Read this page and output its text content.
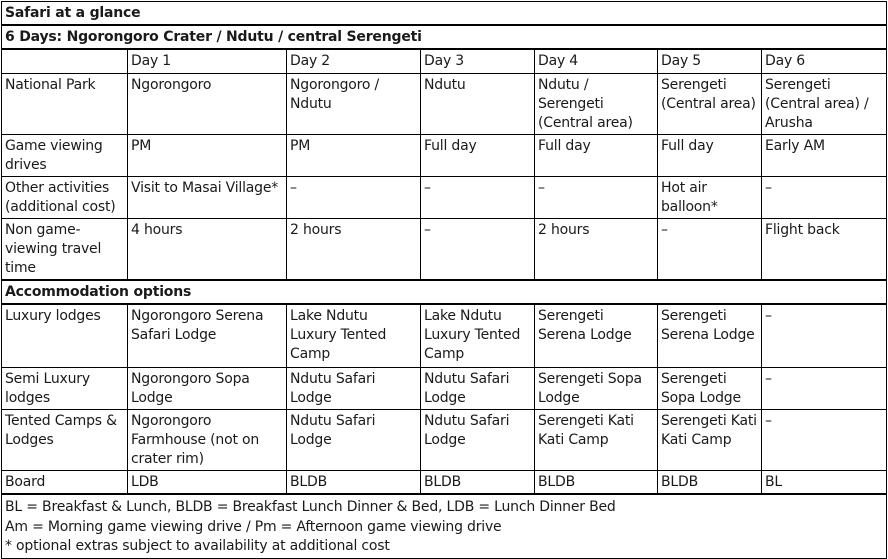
Safari at a glance						
6 Days: Ngorongoro Crater / Ndutu / central Serengeti						
	Day 1	Day 2	Day 3	Day 4	Day 5	Day 6
National Park	Ngorongoro	Ngorongoro / Ndutu	Ndutu	Ndutu / Serengeti (Central area)	Serengeti (Central area)	Serengeti (Central area) / Arusha
Game viewing drives	PM	PM	Full day	Full day	Full day	Early AM
Other activities (additional cost)	Visit to Masai Village*	–	–	–	Hot air balloon*	–
Non game-viewing travel time	4 hours	2 hours	–	2 hours	–	Flight back
Accommodation options						
Luxury lodges	Ngorongoro Serena Safari Lodge	Lake Ndutu Luxury Tented Camp	Lake Ndutu Luxury Tented Camp	Serengeti Serena Lodge	Serengeti Serena Lodge	–
Semi Luxury lodges	Ngorongoro Sopa Lodge	Ndutu Safari Lodge	Ndutu Safari Lodge	Serengeti Sopa Lodge	Serengeti Sopa Lodge	–
Tented Camps & Lodges	Ngorongoro Farmhouse (not on crater rim)	Ndutu Safari Lodge	Ndutu Safari Lodge	Serengeti Kati Kati Camp	Serengeti Kati Kati Camp	–
Board	LDB	BLDB	BLDB	BLDB	BLDB	BL

BL = Breakfast & Lunch, BLDB = Breakfast Lunch Dinner & Bed, LDB = Lunch Dinner Bed
Am = Morning game viewing drive / Pm = Afternoon game viewing drive
* optional extras subject to availability at additional cost						
